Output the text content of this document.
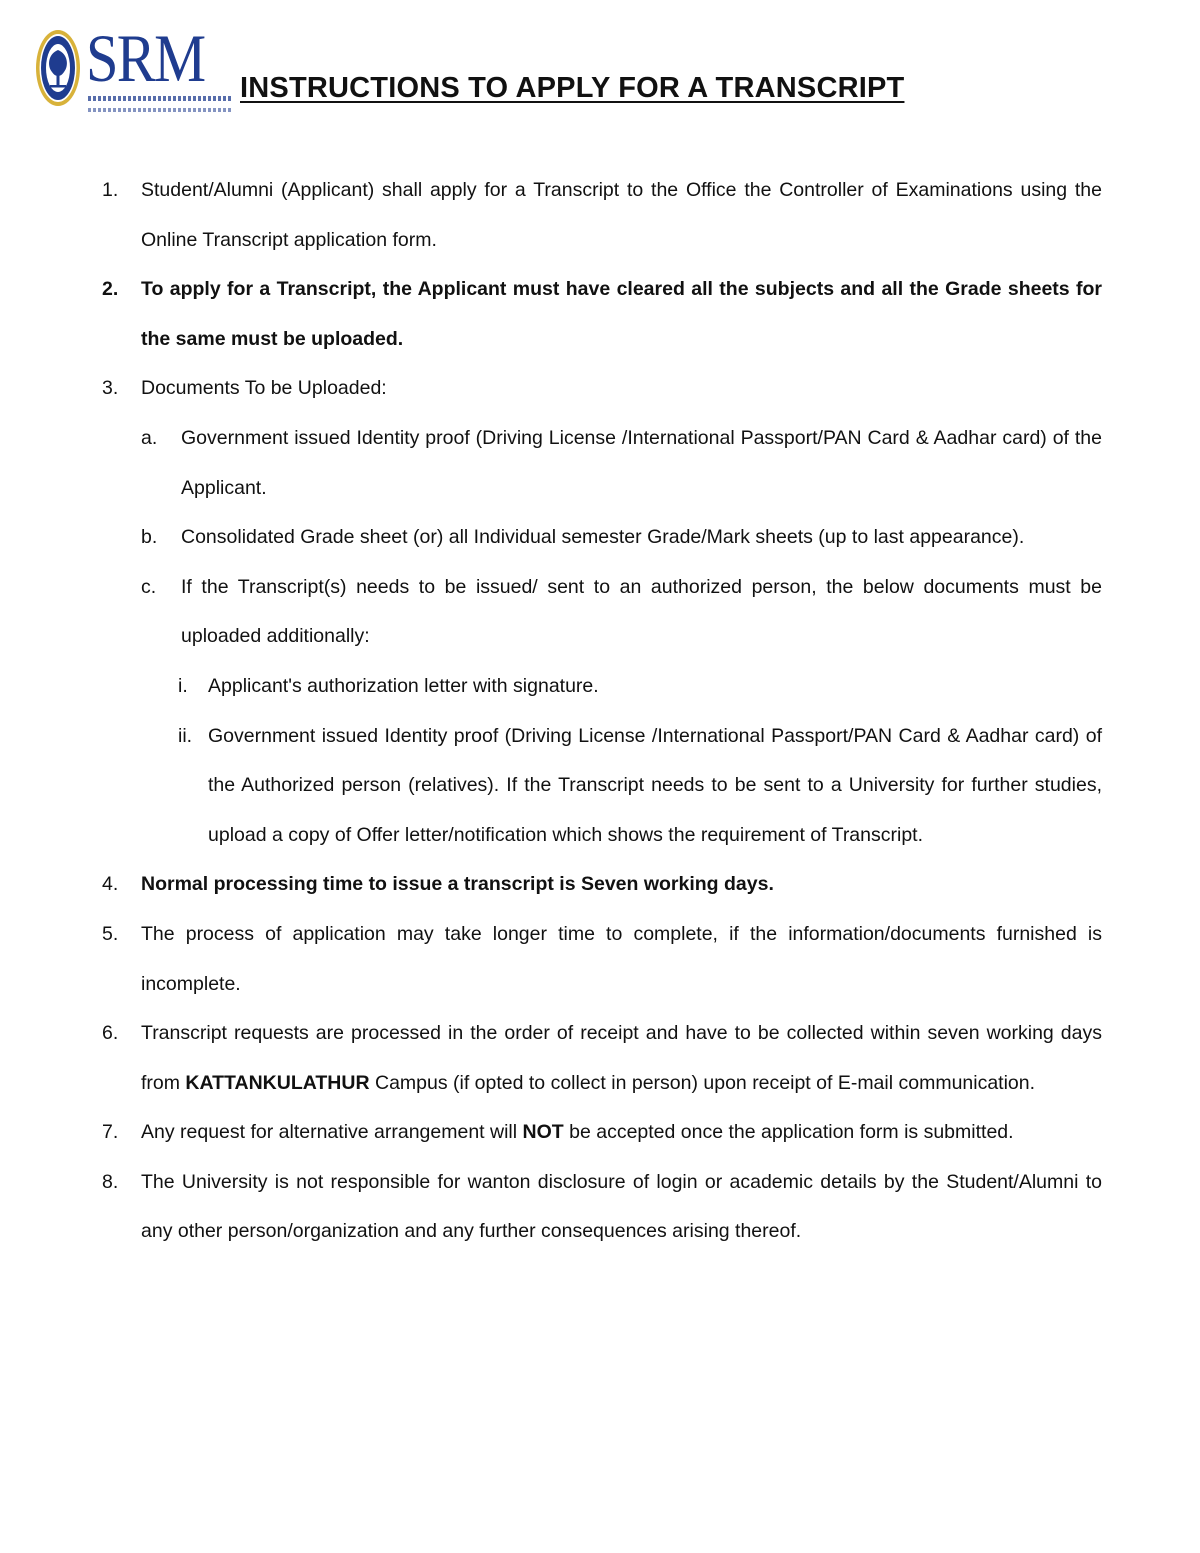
SRM INSTRUCTIONS TO APPLY FOR A TRANSCRIPT
1.	Student/Alumni (Applicant) shall apply for a Transcript to the Office the Controller of Examinations using the Online Transcript application form.
2.	To apply for a Transcript, the Applicant must have cleared all the subjects and all the Grade sheets for the same must be uploaded.
3.	Documents To be Uploaded:
a.	Government issued Identity proof (Driving License /International Passport/PAN Card & Aadhar card) of the Applicant.
b.	Consolidated Grade sheet (or) all Individual semester Grade/Mark sheets (up to last appearance).
c.	If the Transcript(s) needs to be issued/ sent to an authorized person, the below documents must be uploaded additionally:
i.	Applicant's authorization letter with signature.
ii. Government issued Identity proof (Driving License /International Passport/PAN Card & Aadhar card) of the Authorized person (relatives). If the Transcript needs to be sent to a University for further studies, upload a copy of Offer letter/notification which shows the requirement of Transcript.
4.	Normal processing time to issue a transcript is Seven working days.
5.	The process of application may take longer time to complete, if the information/documents furnished is incomplete.
6.	Transcript requests are processed in the order of receipt and have to be collected within seven working days from KATTANKULATHUR Campus (if opted to collect in person) upon receipt of E-mail communication.
7.	Any request for alternative arrangement will NOT be accepted once the application form is submitted.
8.	The University is not responsible for wanton disclosure of login or academic details by the Student/Alumni to any other person/organization and any further consequences arising thereof.
